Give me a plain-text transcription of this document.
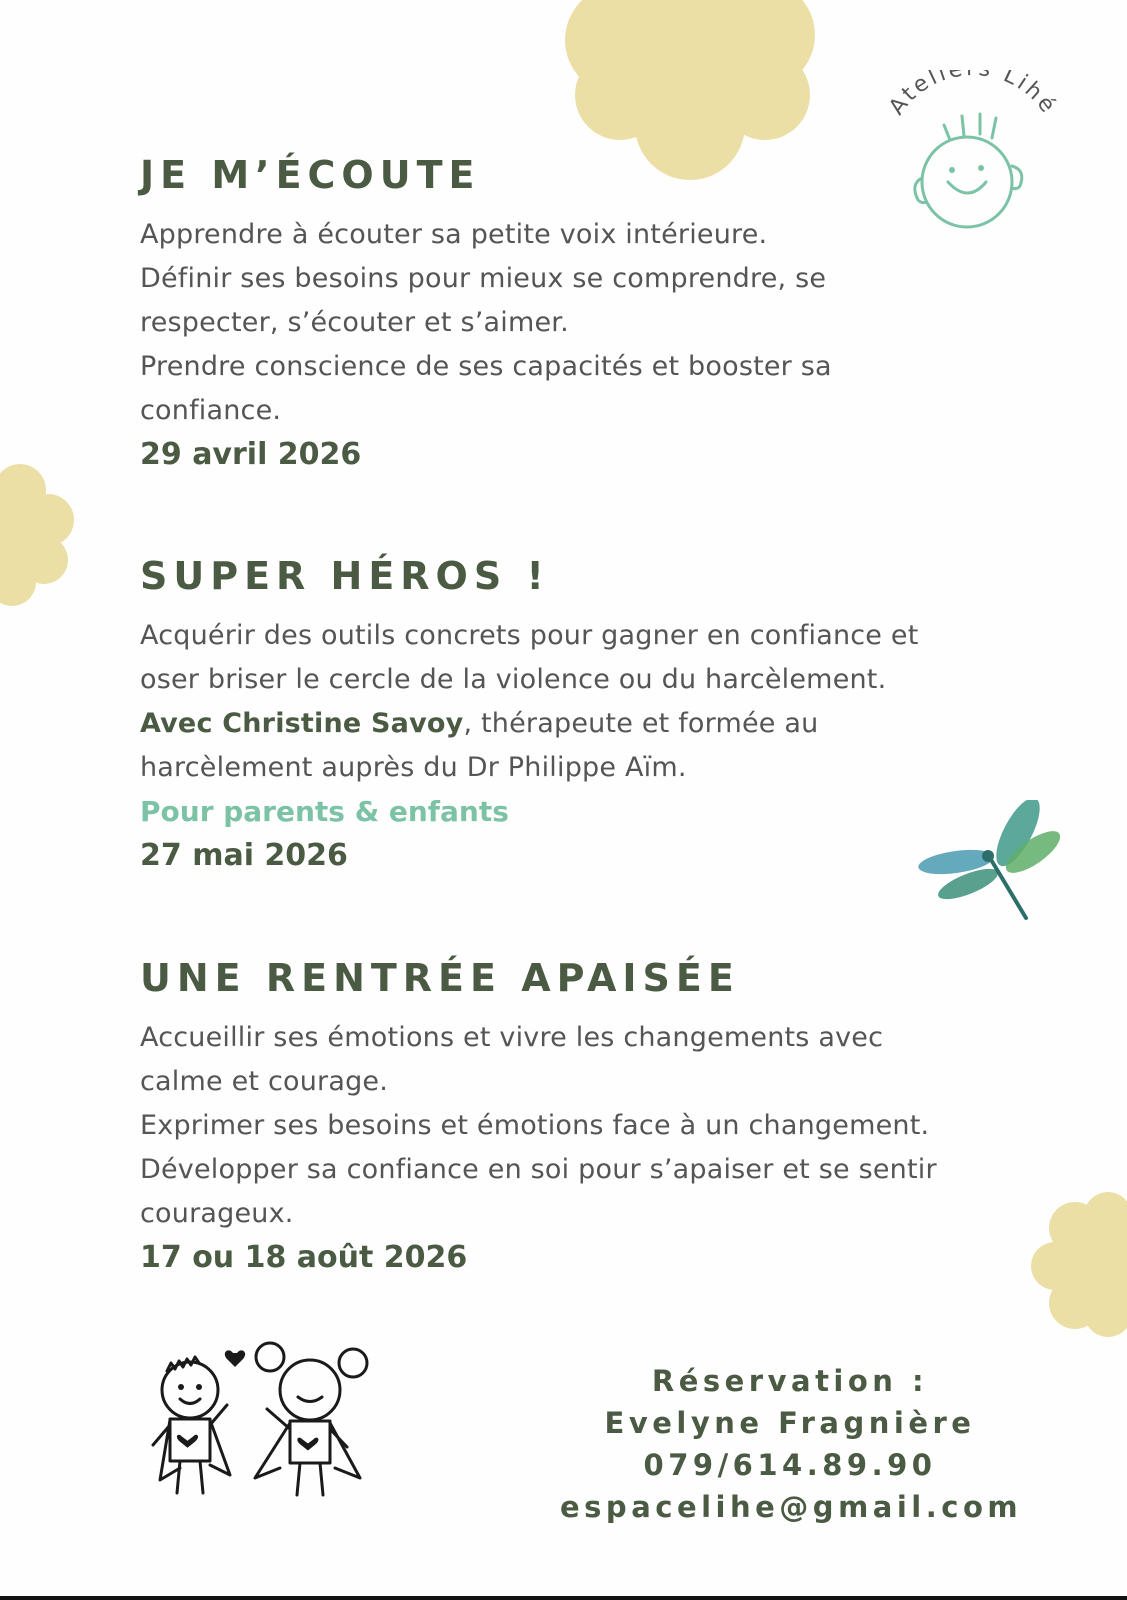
Ateli Lihé
JE M’ÉCOUTE

Apprendre à écouter sa petite voix intérieure.

Définir ses besoins pour mieux se comprendre, se

respecter, s’écouter et s’aimer.

Prendre conscience de ses capacités et booster sa

confiance.

29 avril 2026

SUPER HÉROS !

Acquérir des outils concrets pour gagner en confiance et

oser briser le cercle de la violence ou du harcèlement.

Avec Christine Savoy, thérapeute et formée au

harcèlement auprès du Dr Philippe Aïm.

Pour parents & enfants

27 mai 2026

UNE RENTRÉE APAISÉE

Accueillir ses émotions et vivre les changements avec

calme et courage.

Exprimer ses besoins et émotions face à un changement.

Développer sa confiance en soi pour s’apaiser et se sentir

courageux.

17 ou 18 août 2026

Réservation :
Evelyne Fragnière
079/614.89.90
espacelihe@gmail.com
